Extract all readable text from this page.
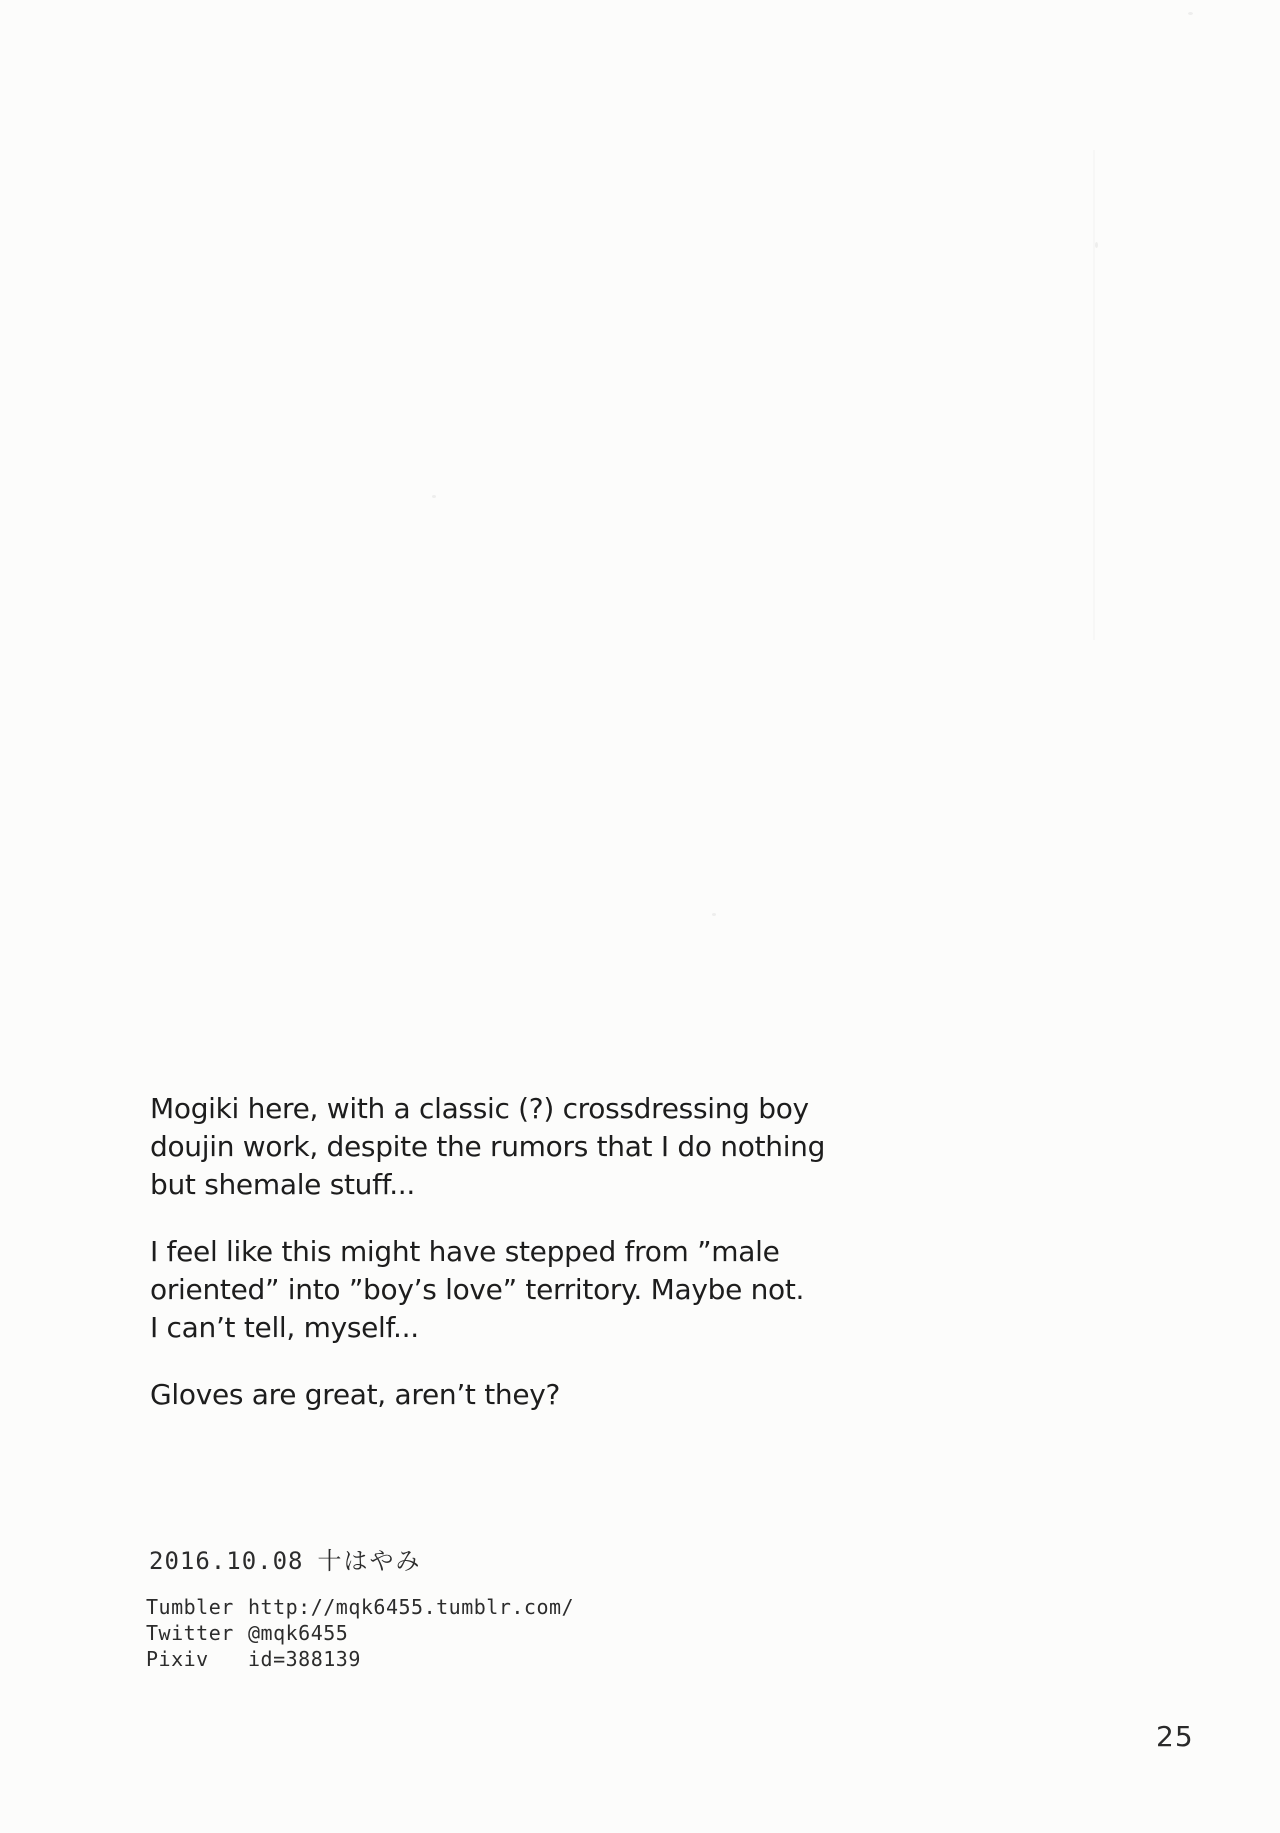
Mogiki here, with a classic (?) crossdressing boy
doujin work, despite the rumors that I do nothing
but shemale stuff...
I feel like this might have stepped from ”male
oriented” into ”boy’s love” territory. Maybe not.
I can’t tell, myself...
Gloves are great, aren’t they?
2016.10.08 十はやみ
Tumbler http://mqk6455.tumblr.com/
Twitter @mqk6455
Pixiv	id=388139
25
